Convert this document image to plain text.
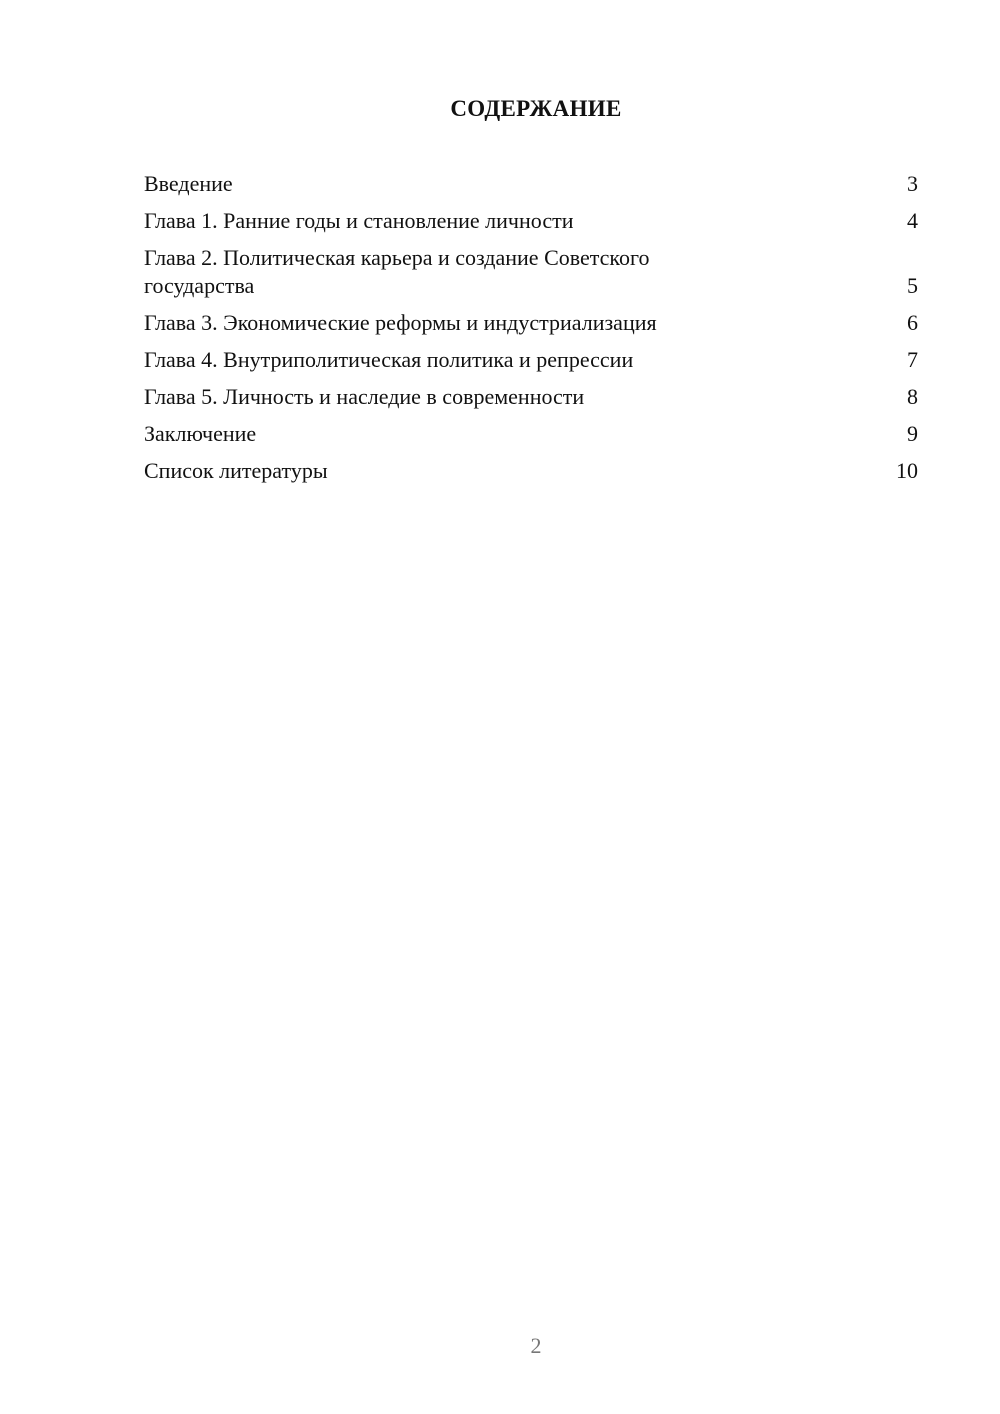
СОДЕРЖАНИЕ
Введение	3
Глава 1. Ранние годы и становление личности	4
Глава 2. Политическая карьера и создание Советского государства	5
Глава 3. Экономические реформы и индустриализация	6
Глава 4. Внутриполитическая политика и репрессии	7
Глава 5. Личность и наследие в современности	8
Заключение	9
Список литературы	10
2
